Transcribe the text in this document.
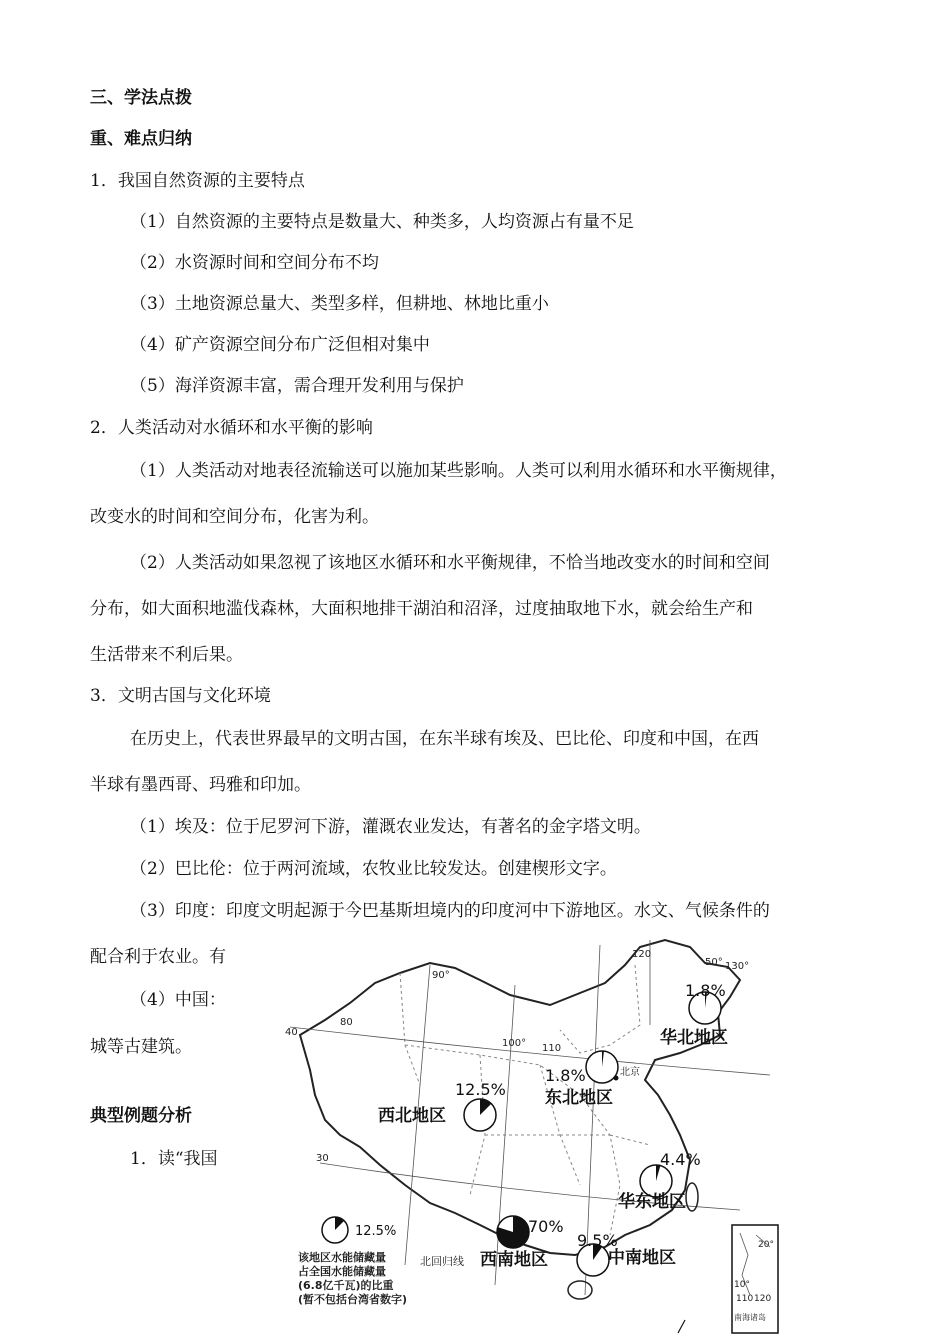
三、学法点拨
重、难点归纳
1．我国自然资源的主要特点
（1）自然资源的主要特点是数量大、种类多，人均资源占有量不足
（2）水资源时间和空间分布不均
（3）土地资源总量大、类型多样，但耕地、林地比重小
（4）矿产资源空间分布广泛但相对集中
（5）海洋资源丰富，需合理开发利用与保护
2．人类活动对水循环和水平衡的影响
（1）人类活动对地表径流输送可以施加某些影响。人类可以利用水循环和水平衡规律，
改变水的时间和空间分布，化害为利。
（2）人类活动如果忽视了该地区水循环和水平衡规律，不恰当地改变水的时间和空间
分布，如大面积地滥伐森林，大面积地排干湖泊和沼泽，过度抽取地下水，就会给生产和
生活带来不利后果。
3．文明古国与文化环境
在历史上，代表世界最早的文明古国，在东半球有埃及、巴比伦、印度和中国，在西
半球有墨西哥、玛雅和印加。
（1）埃及：位于尼罗河下游，灌溉农业发达，有著名的金字塔文明。
（2）巴比伦：位于两河流域，农牧业比较发达。创建楔形文字。
（3）印度：印度文明起源于今巴基斯坦境内的印度河中下游地区。水文、气候条件的
配合利于农业。有
（4）中国：
城等古建筑。
典型例题分析
1．读“我国
90°
80
100° 110
120
50° 130°
40
30
北京
1.8%
1.8%
12.5%
4.4%
70%
9.5%
华北地区
东北地区
西北地区
华东地区
西南地区	中南地区
北回归线
12.5%
该地区水能储藏量
占全国水能储藏量
(6.8亿千瓦)的比重
(暂不包括台湾省数字)
20°
10°
110 120
南海诸岛
